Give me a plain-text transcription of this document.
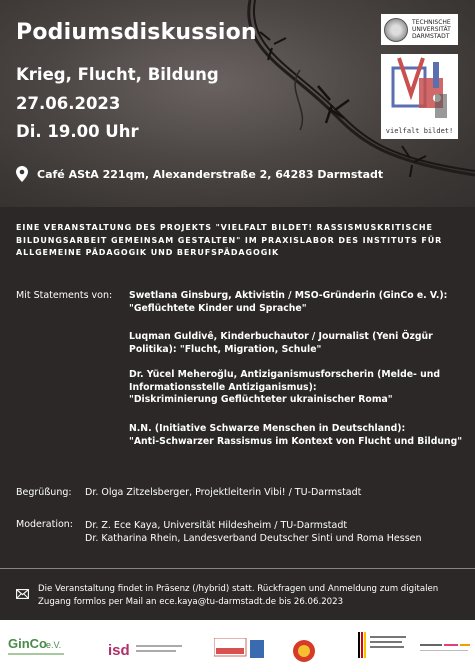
Podiumsdiskussion

Krieg, Flucht, Bildung

27.06.2023

Di. 19.00 Uhr

TECHNISCHE
UNIVERSITÄT
DARMSTADT
vielfalt bildet!
Café AStA 221qm, Alexanderstraße 2, 64283 Darmstadt

EINE VERANSTALTUNG DES PROJEKTS "VIELFALT BILDET! RASSISMUSKRITISCHE BILDUNGSARBEIT GEMEINSAM GESTALTEN" IM PRAXISLABOR DES INSTITUTS FÜR ALLGEMEINE PÄDAGOGIK UND BERUFSPÄDAGOGIK

Mit Statements von: Swetlana Ginsburg, Aktivistin / MSO-Gründerin (GinCo e. V.):
"Geflüchtete Kinder und Sprache"
Luqman Guldivê, Kinderbuchautor / Journalist (Yeni Özgür
Politika): "Flucht, Migration, Schule"
Dr. Yücel Meheroğlu, Antiziganismusforscherin (Melde- und
Informationsstelle Antiziganismus):
"Diskriminierung Geflüchteter ukrainischer Roma"
N.N. (Initiative Schwarze Menschen in Deutschland):
"Anti-Schwarzer Rassismus im Kontext von Flucht und Bildung"
Begrüßung: Dr. Olga Zitzelsberger, Projektleiterin Vibi! / TU-Darmstadt
Moderation: Dr. Z. Ece Kaya, Universität Hildesheim / TU-Darmstadt
Dr. Katharina Rhein, Landesverband Deutscher Sinti und Roma Hessen

Die Veranstaltung findet in Präsenz (/hybrid) statt. Rückfragen und Anmeldung zum digitalen Zugang formlos per Mail an ece.kaya@tu-darmstadt.de bis 26.06.2023

GinCo e.V.	isd
